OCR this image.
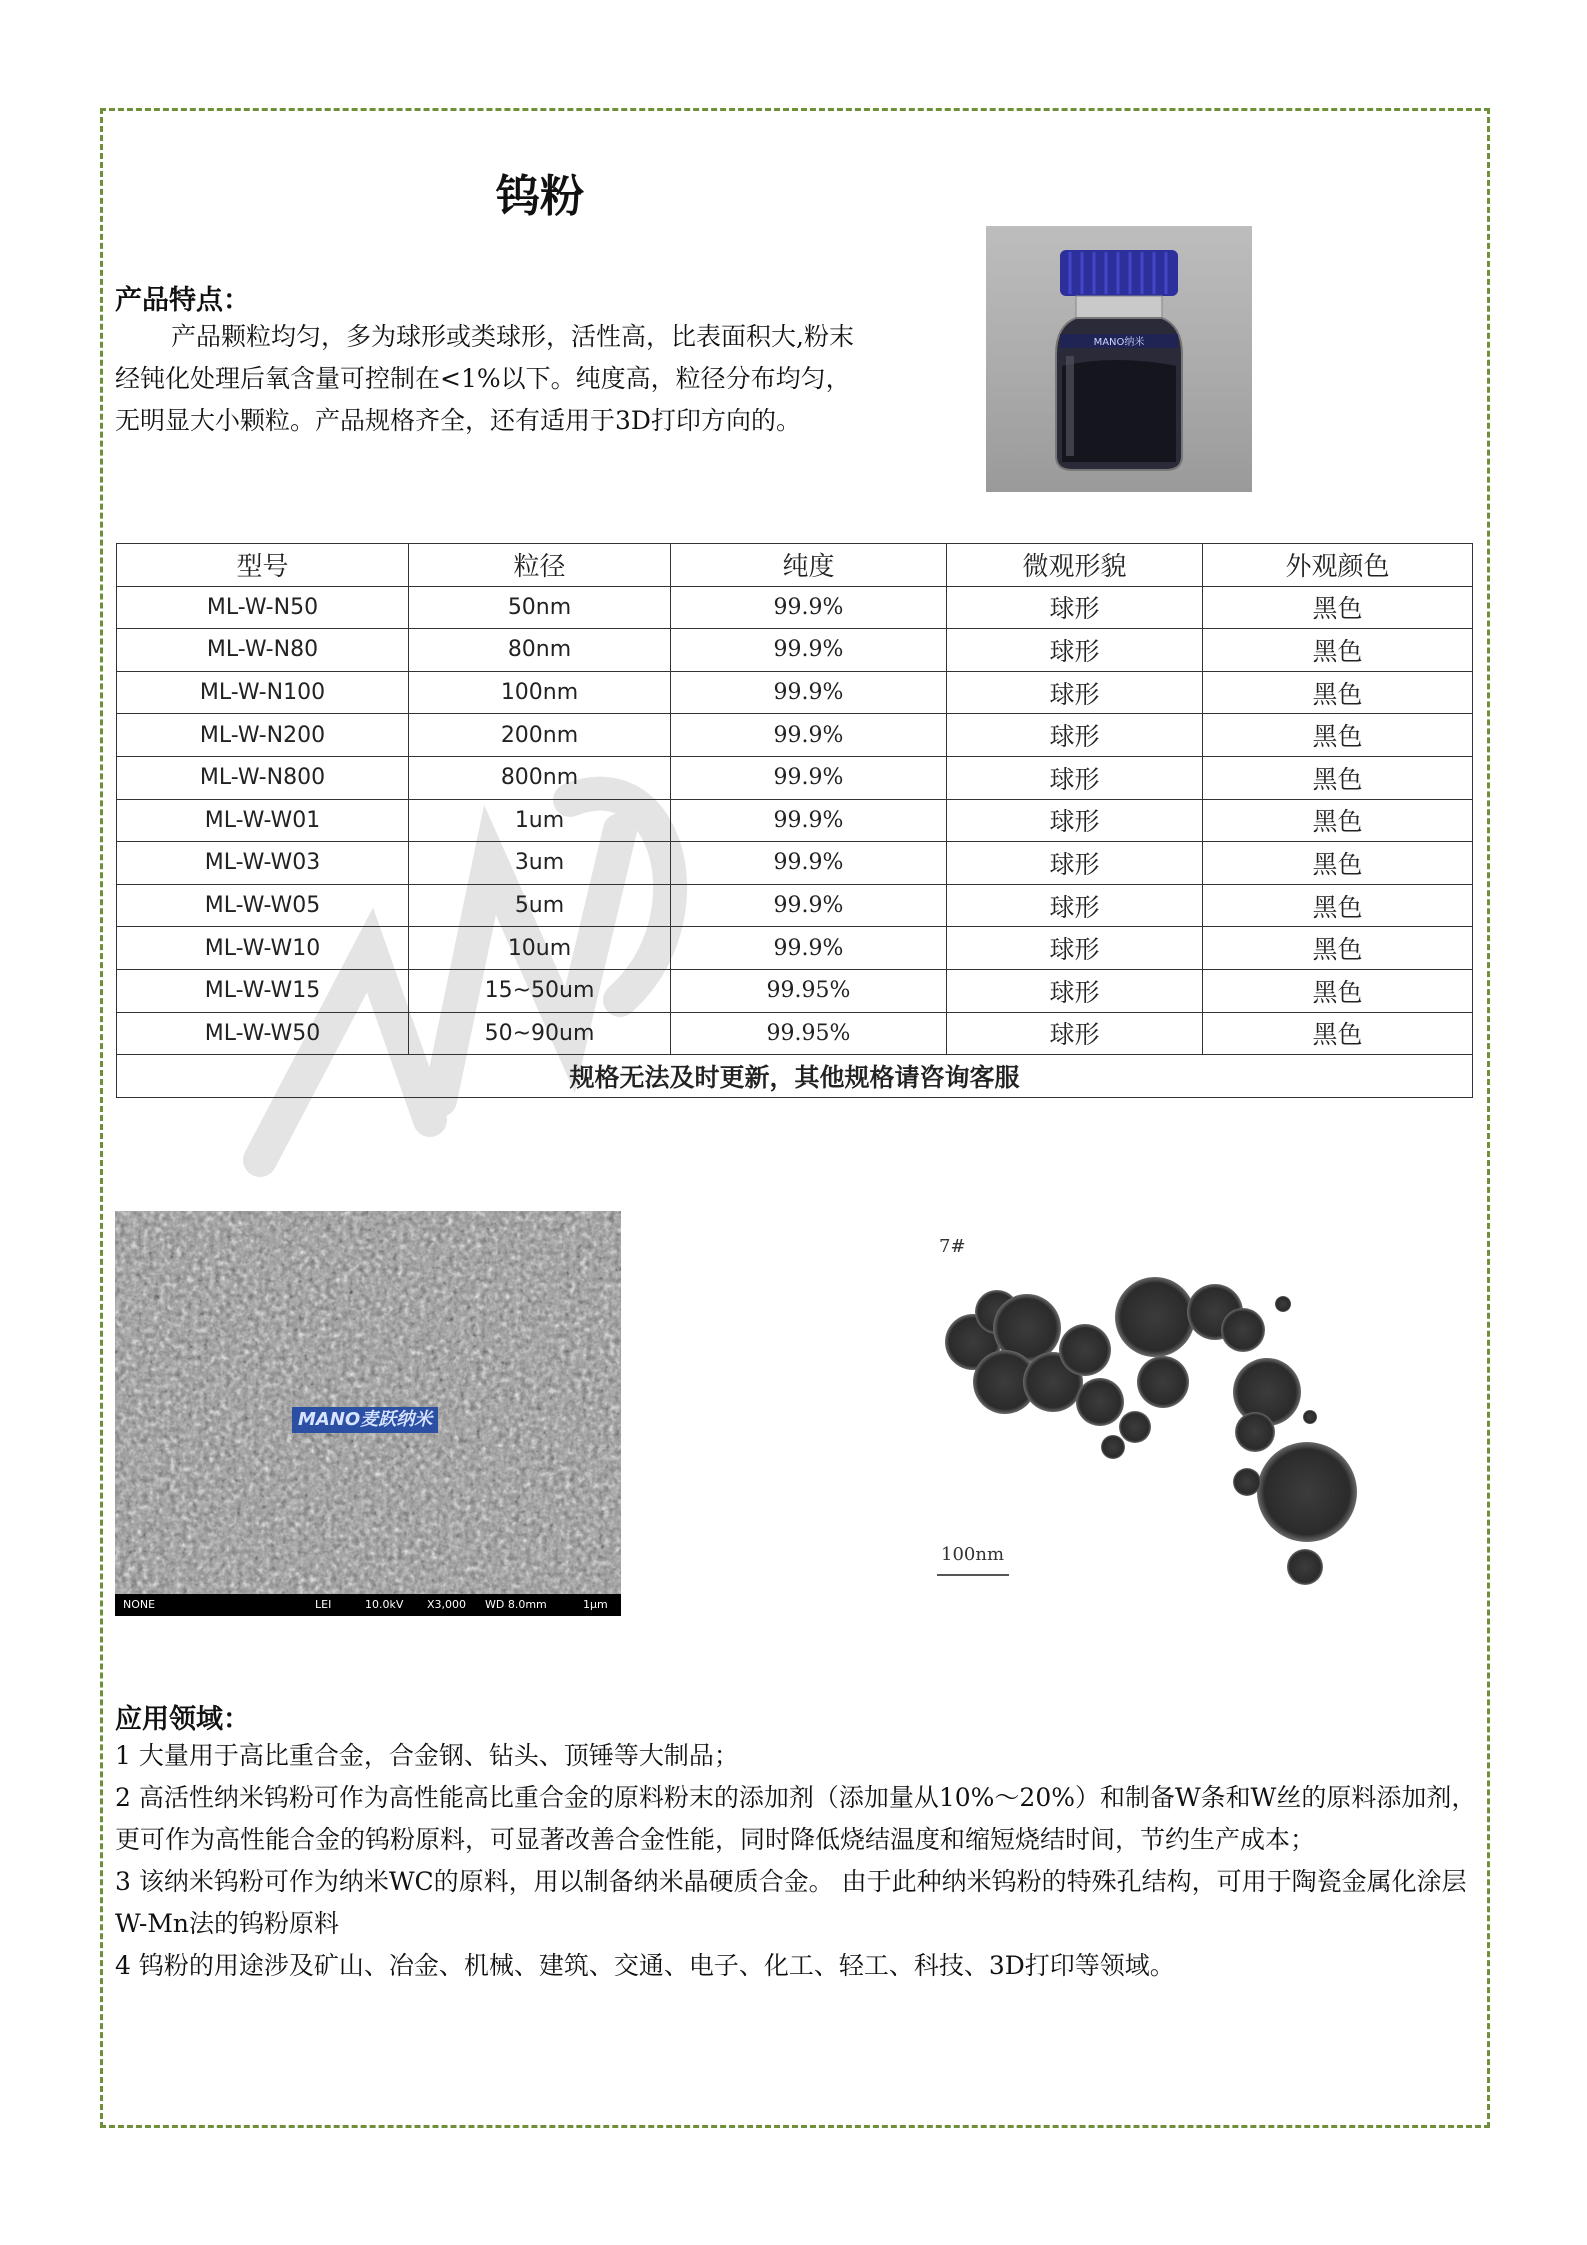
钨粉
产品特点：
产品颗粒均匀，多为球形或类球形，活性高，比表面积大,粉末经钝化处理后氧含量可控制在<1%以下。纯度高，粒径分布均匀，无明显大小颗粒。产品规格齐全，还有适用于3D打印方向的。
MANO纳米
型号	粒径	纯度	微观形貌	外观颜色
ML-W-N50	50nm	99.9%	球形	黑色
ML-W-N80	80nm	99.9%	球形	黑色
ML-W-N100	100nm	99.9%	球形	黑色
ML-W-N200	200nm	99.9%	球形	黑色
ML-W-N800	800nm	99.9%	球形	黑色
ML-W-W01	1um	99.9%	球形	黑色
ML-W-W03	3um	99.9%	球形	黑色
ML-W-W05	5um	99.9%	球形	黑色
ML-W-W10	10um	99.9%	球形	黑色
ML-W-W15	15~50um	99.95%	球形	黑色
ML-W-W50	50~90um	99.95%	球形	黑色
规格无法及时更新，其他规格请咨询客服				
MANO麦跃纳米
NONE	LEI	10.0kV X3,000 WD 8.0mm	1μm
7#
100nm
应用领域：

1 大量用于高比重合金，合金钢、钻头、顶锤等大制品；

2 高活性纳米钨粉可作为高性能高比重合金的原料粉末的添加剂（添加量从10%～20%）和制备W条和W丝的原料添加剂，更可作为高性能合金的钨粉原料，可显著改善合金性能，同时降低烧结温度和缩短烧结时间，节约生产成本；

3 该纳米钨粉可作为纳米WC的原料，用以制备纳米晶硬质合金。 由于此种纳米钨粉的特殊孔结构，可用于陶瓷金属化涂层W-Mn法的钨粉原料

4 钨粉的用途涉及矿山、冶金、机械、建筑、交通、电子、化工、轻工、科技、3D打印等领域。
